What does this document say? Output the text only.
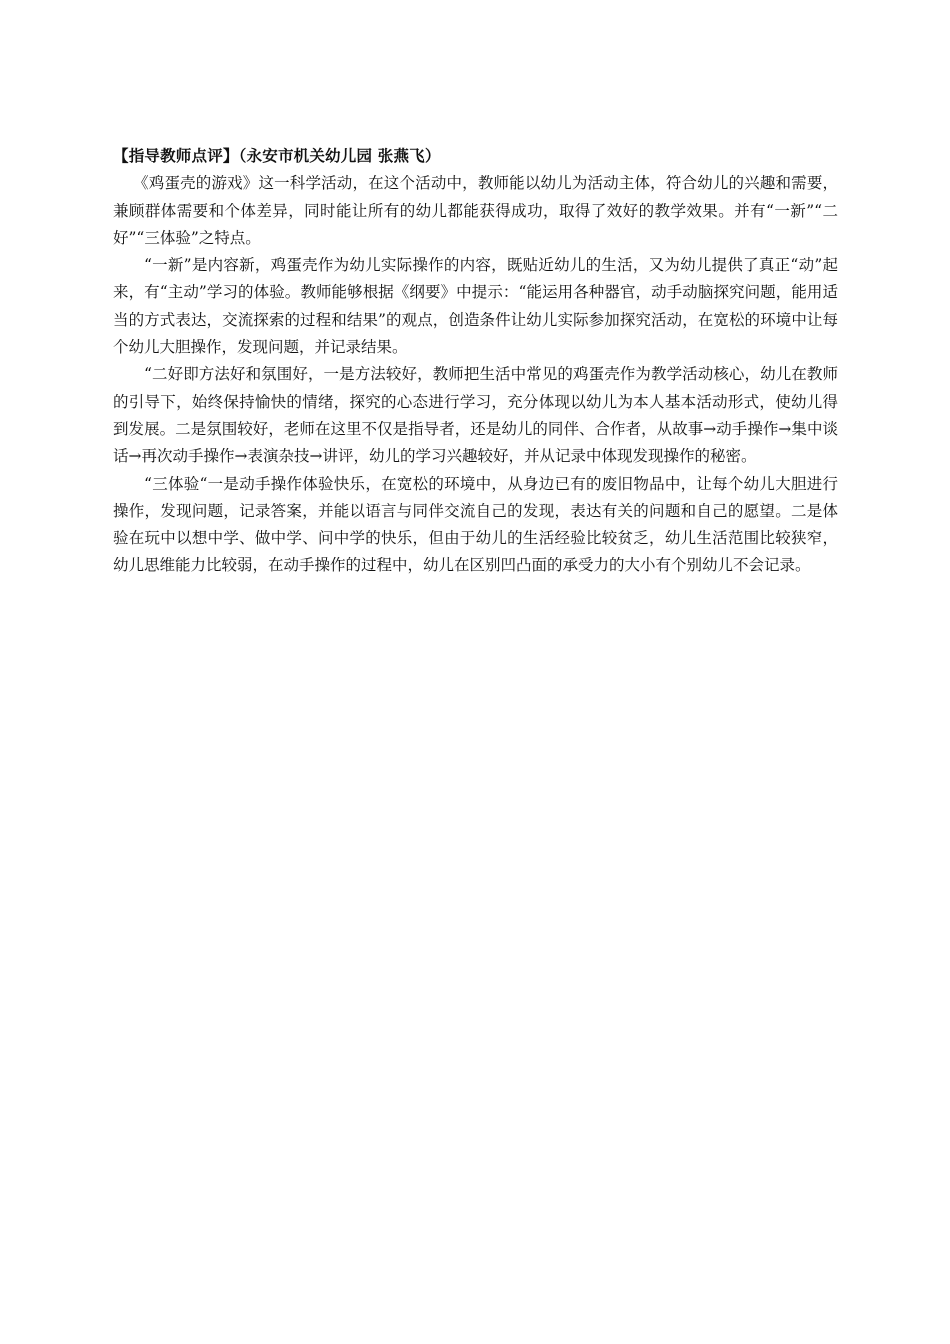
【指导教师点评】（永安市机关幼儿园 张燕飞）

《鸡蛋壳的游戏》这一科学活动，在这个活动中，教师能以幼儿为活动主体，符合幼儿的兴趣和需要，兼顾群体需要和个体差异，同时能让所有的幼儿都能获得成功，取得了效好的教学效果。并有“一新”“二好”“三体验”之特点。

“一新”是内容新，鸡蛋壳作为幼儿实际操作的内容，既贴近幼儿的生活，又为幼儿提供了真正“动”起来，有“主动”学习的体验。教师能够根据《纲要》中提示：“能运用各种器官，动手动脑探究问题，能用适当的方式表达，交流探索的过程和结果”的观点，创造条件让幼儿实际参加探究活动，在宽松的环境中让每个幼儿大胆操作，发现问题，并记录结果。

“二好即方法好和氛围好，一是方法较好，教师把生活中常见的鸡蛋壳作为教学活动核心，幼儿在教师的引导下，始终保持愉快的情绪，探究的心态进行学习，充分体现以幼儿为本人基本活动形式，使幼儿得到发展。二是氛围较好，老师在这里不仅是指导者，还是幼儿的同伴、合作者，从故事→动手操作→集中谈话→再次动手操作→表演杂技→讲评，幼儿的学习兴趣较好，并从记录中体现发现操作的秘密。

“三体验“一是动手操作体验快乐，在宽松的环境中，从身边已有的废旧物品中，让每个幼儿大胆进行操作，发现问题，记录答案，并能以语言与同伴交流自己的发现，表达有关的问题和自己的愿望。二是体验在玩中以想中学、做中学、问中学的快乐，但由于幼儿的生活经验比较贫乏，幼儿生活范围比较狭窄，幼儿思维能力比较弱，在动手操作的过程中，幼儿在区别凹凸面的承受力的大小有个别幼儿不会记录。
